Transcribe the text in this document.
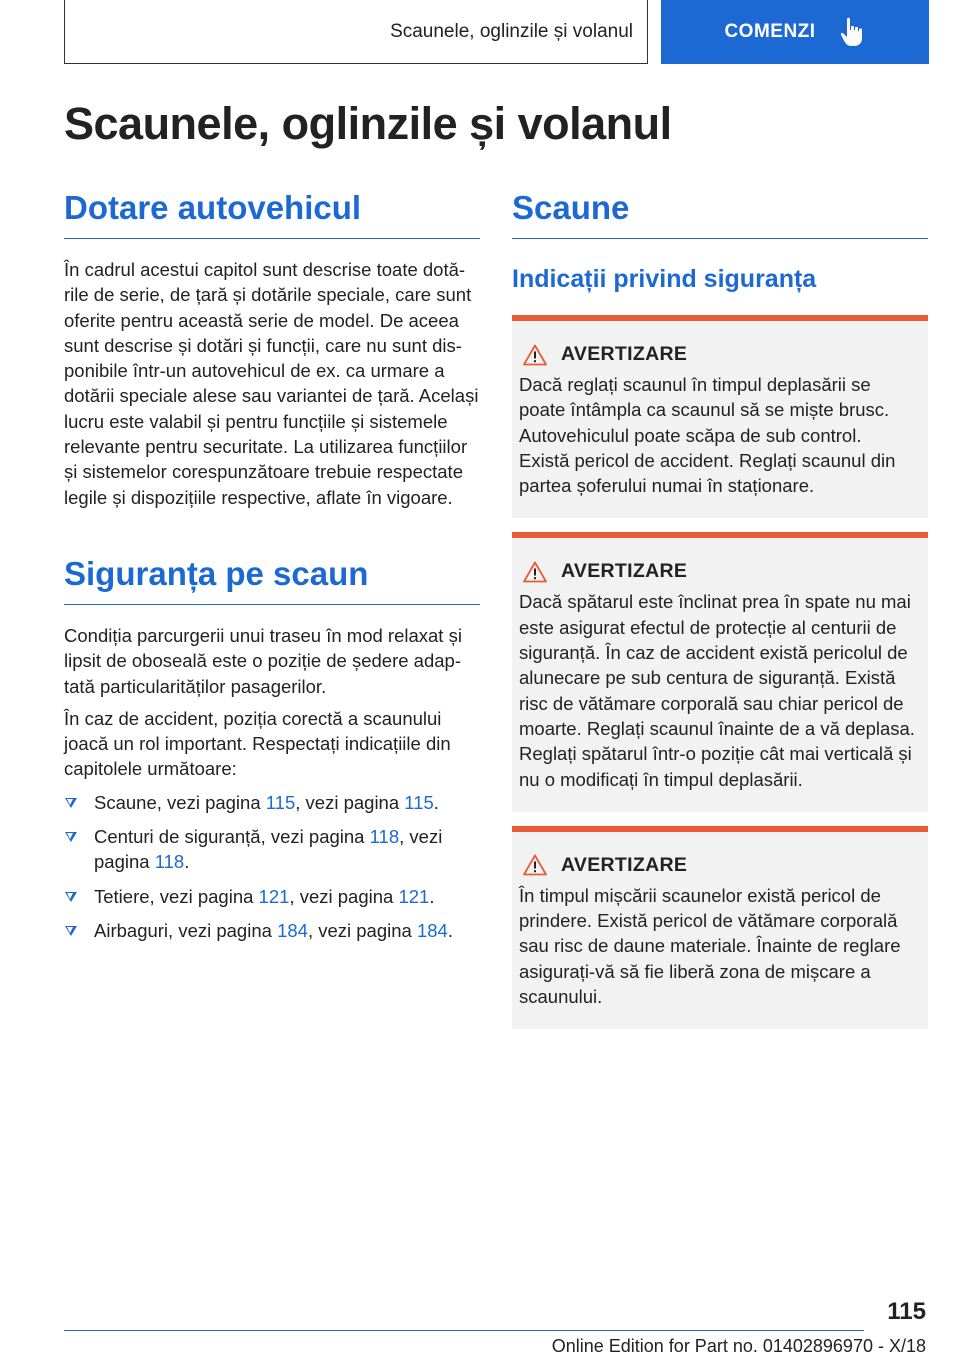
Scaunele, oglinzile și volanul	COMENZI
Scaunele, oglinzile și volanul
Dotare autovehicul

În cadrul acestui capitol sunt descrise toate dotările de serie, de țară și dotările speciale, care sunt oferite pentru această serie de model. De aceea sunt descrise și dotări și funcții, care nu sunt disponibile într-un autovehicul de ex. ca urmare a dotării speciale alese sau variantei de țară. Același lucru este valabil și pentru funcțiile și sistemele relevante pentru securitate. La utilizarea funcțiilor și sistemelor corespunzătoare trebuie respectate legile și dispozițiile respective, aflate în vigoare.

Siguranța pe scaun

Condiția parcurgerii unui traseu în mod relaxat și lipsit de oboseală este o poziție de ședere adaptată particularităților pasagerilor.

În caz de accident, poziția corectă a scaunului joacă un rol important. Respectați indicațiile din capitolele următoare:

Scaune, vezi pagina 115, vezi pagina 115.
Centuri de siguranță, vezi pagina 118, vezi pagina 118.
Tetiere, vezi pagina 121, vezi pagina 121.
Airbaguri, vezi pagina 184, vezi pagina 184.
Scaune
Indicații privind siguranța
AVERTIZARE

Dacă reglați scaunul în timpul deplasării se poate întâmpla ca scaunul să se miște brusc. Autovehiculul poate scăpa de sub control. Există pericol de accident. Reglați scaunul din partea șoferului numai în staționare.

AVERTIZARE

Dacă spătarul este înclinat prea în spate nu mai este asigurat efectul de protecție al centurii de siguranță. În caz de accident există pericolul de alunecare pe sub centura de siguranță. Există risc de vătămare corporală sau chiar pericol de moarte. Reglați scaunul înainte de a vă deplasa. Reglați spătarul într-o poziție cât mai verticală și nu o modificați în timpul deplasării.

AVERTIZARE

În timpul mișcării scaunelor există pericol de prindere. Există pericol de vătămare corporală sau risc de daune materiale. Înainte de reglare asigurați-vă să fie liberă zona de mișcare a scaunului.

115
Online Edition for Part no. 01402896970 - X/18
